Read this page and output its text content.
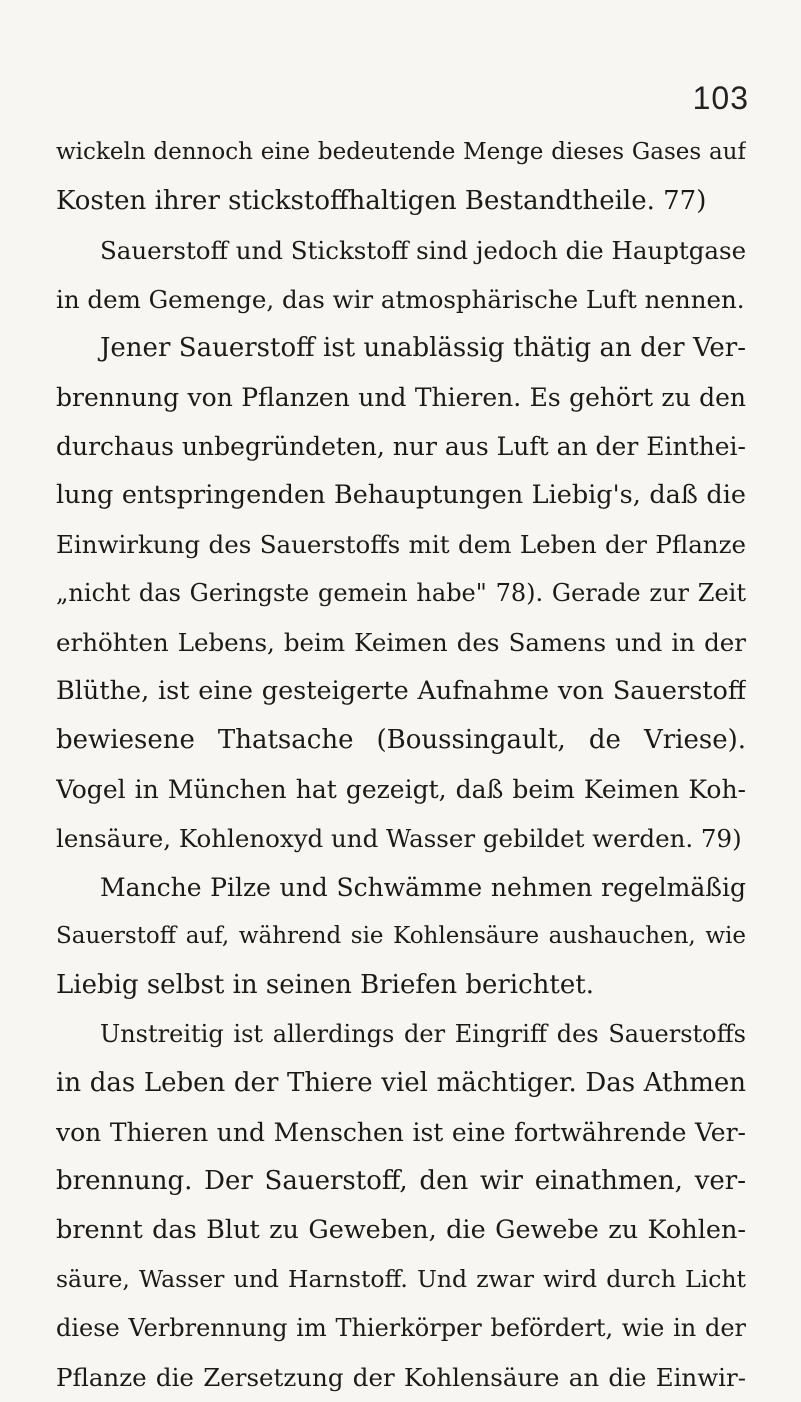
103
wickeln dennoch eine bedeutende Menge dieses Gases auf
Kosten ihrer stickstoffhaltigen Bestandtheile. 77)
Sauerstoff und Stickstoff sind jedoch die Hauptgase
in dem Gemenge, das wir atmosphärische Luft nennen.
Jener Sauerstoff ist unablässig thätig an der Ver-
brennung von Pflanzen und Thieren. Es gehört zu den
durchaus unbegründeten, nur aus Luft an der Einthei-
lung entspringenden Behauptungen Liebig's, daß die
Einwirkung des Sauerstoffs mit dem Leben der Pflanze
„nicht das Geringste gemein habe" 78). Gerade zur Zeit
erhöhten Lebens, beim Keimen des Samens und in der
Blüthe, ist eine gesteigerte Aufnahme von Sauerstoff
bewiesene Thatsache (Boussingault, de Vriese).
Vogel in München hat gezeigt, daß beim Keimen Koh-
lensäure, Kohlenoxyd und Wasser gebildet werden. 79)
Manche Pilze und Schwämme nehmen regelmäßig
Sauerstoff auf, während sie Kohlensäure aushauchen, wie
Liebig selbst in seinen Briefen berichtet.
Unstreitig ist allerdings der Eingriff des Sauerstoffs
in das Leben der Thiere viel mächtiger. Das Athmen
von Thieren und Menschen ist eine fortwährende Ver-
brennung. Der Sauerstoff, den wir einathmen, ver-
brennt das Blut zu Geweben, die Gewebe zu Kohlen-
säure, Wasser und Harnstoff. Und zwar wird durch Licht
diese Verbrennung im Thierkörper befördert, wie in der
Pflanze die Zersetzung der Kohlensäure an die Einwir-
